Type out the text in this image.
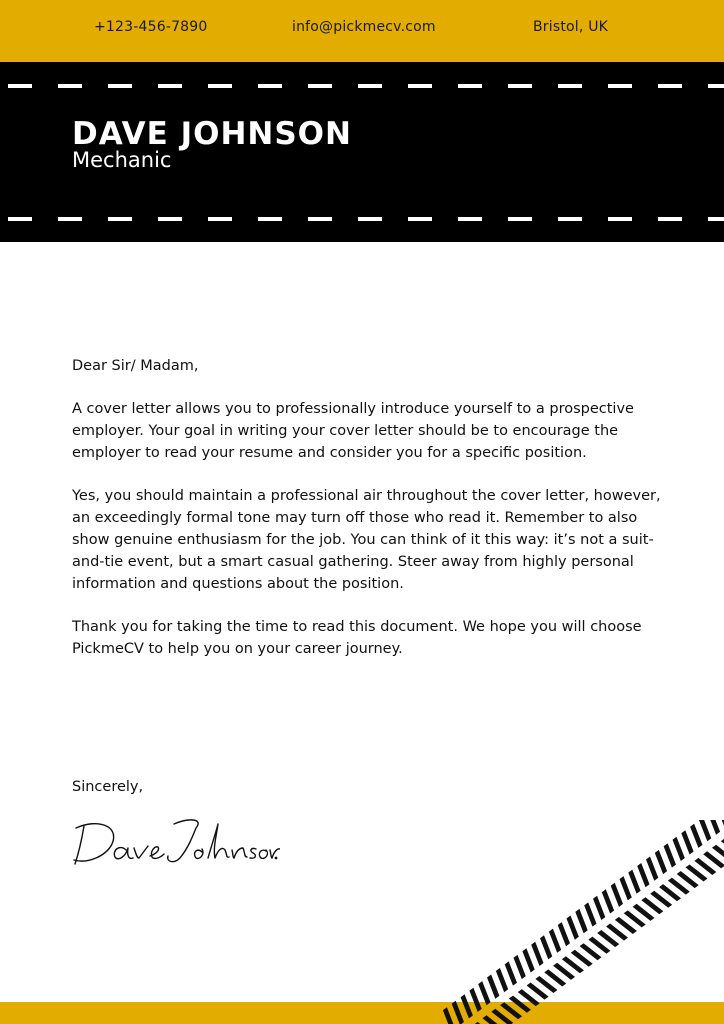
+123-456-7890	info@pickmecv.com	Bristol, UK
DAVE JOHNSON
Mechanic

Dear Sir/ Madam,

A cover letter allows you to professionally introduce yourself to a prospective employer. Your goal in writing your cover letter should be to encourage the employer to read your resume and consider you for a specific position.

Yes, you should maintain a professional air throughout the cover letter, however, an exceedingly formal tone may turn off those who read it. Remember to also show genuine enthusiasm for the job. You can think of it this way: it’s not a suit-and-tie event, but a smart casual gathering. Steer away from highly personal information and questions about the position.

Thank you for taking the time to read this document. We hope you will choose PickmeCV to help you on your career journey.

Sincerely,
